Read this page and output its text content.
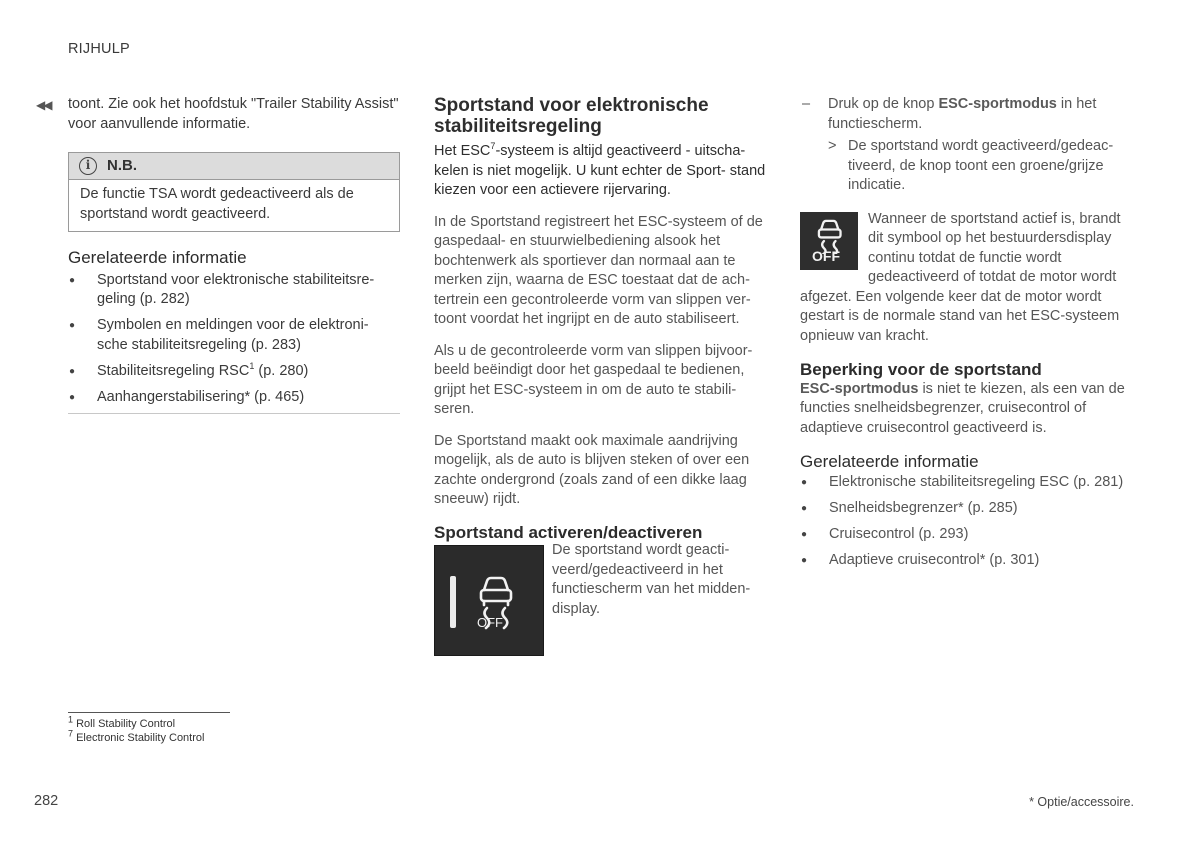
RIJHULP
◀◀ toont. Zie ook het hoofdstuk "Trailer Stability Assist" voor aanvullende informatie.

i	N.B.
De functie TSA wordt gedeactiveerd als de sportstand wordt geactiveerd.
Gerelateerde informatie
● Sportstand voor elektronische stabiliteitsre- geling (p. 282)
● Symbolen en meldingen voor de elektroni- sche stabiliteitsregeling (p. 283)
● Stabiliteitsregeling RSC$^1$ (p. 280)
● Aanhangerstabilisering* (p. 465)
Sportstand voor elektronische stabiliteitsregeling

Het ESC$^7$-systeem is altijd geactiveerd - uitscha- kelen is niet mogelijk. U kunt echter de Sport- stand kiezen voor een actievere rijervaring.

In de Sportstand registreert het ESC-systeem of de gaspedaal- en stuurwielbediening alsook het bochtenwerk als sportiever dan normaal aan te merken zijn, waarna de ESC toestaat dat de ach- tertrein een gecontroleerde vorm van slippen ver- toont voordat het ingrijpt en de auto stabiliseert.

Als u de gecontroleerde vorm van slippen bijvoor- beeld beëindigt door het gaspedaal te bedienen, grijpt het ESC-systeem in om de auto te stabili- seren.

De Sportstand maakt ook maximale aandrijving mogelijk, als de auto is blijven steken of over een zachte ondergrond (zoals zand of een dikke laag sneeuw) rijdt.

Sportstand activeren/deactiveren
OFF

De sportstand wordt geacti- veerd/gedeactiveerd in het functiescherm van het midden- display.

– Druk op de knop ESC-sportmodus in het functiescherm.

> De sportstand wordt geactiveerd/gedeac- tiveerd, de knop toont een groene/grijze indicatie.

OFF
Wanneer de sportstand actief is, brandt dit symbool op het bestuurdersdisplay continu totdat de functie wordt gedeactiveerd of totdat de motor wordt afgezet. Een volgende keer dat de motor wordt gestart is de normale stand van het ESC-systeem opnieuw van kracht.
Beperking voor de sportstand

ESC-sportmodus is niet te kiezen, als een van de functies snelheidsbegrenzer, cruisecontrol of adaptieve cruisecontrol geactiveerd is.

Gerelateerde informatie
● Elektronische stabiliteitsregeling ESC (p. 281)
● Snelheidsbegrenzer* (p. 285)
● Cruisecontrol (p. 293)
● Adaptieve cruisecontrol* (p. 301)
$^1$ Roll Stability Control
$^7$ Electronic Stability Control
282	* Optie/accessoire.
